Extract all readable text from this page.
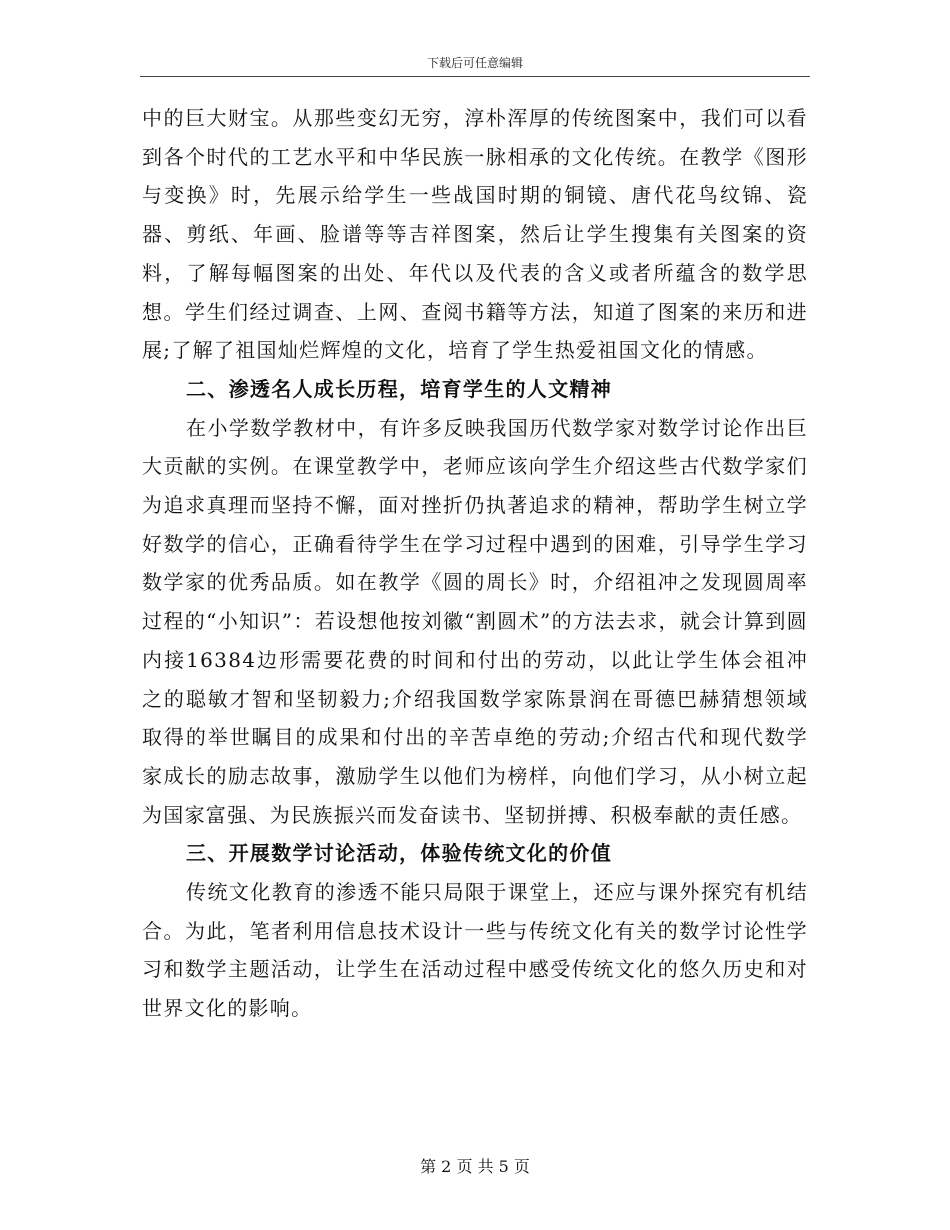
下载后可任意编辑

中的巨大财宝。从那些变幻无穷，淳朴浑厚的传统图案中，我们可以看到各个时代的工艺水平和中华民族一脉相承的文化传统。在教学《图形与变换》时，先展示给学生一些战国时期的铜镜、唐代花鸟纹锦、瓷器、剪纸、年画、脸谱等等吉祥图案，然后让学生搜集有关图案的资料，了解每幅图案的出处、年代以及代表的含义或者所蕴含的数学思想。学生们经过调查、上网、查阅书籍等方法，知道了图案的来历和进展;了解了祖国灿烂辉煌的文化，培育了学生热爱祖国文化的情感。

二、渗透名人成长历程，培育学生的人文精神

在小学数学教材中，有许多反映我国历代数学家对数学讨论作出巨大贡献的实例。在课堂教学中，老师应该向学生介绍这些古代数学家们为追求真理而坚持不懈，面对挫折仍执著追求的精神，帮助学生树立学好数学的信心，正确看待学生在学习过程中遇到的困难，引导学生学习数学家的优秀品质。如在教学《圆的周长》时，介绍祖冲之发现圆周率过程的“小知识”：若设想他按刘徽“割圆术”的方法去求，就会计算到圆内接16384边形需要花费的时间和付出的劳动，以此让学生体会祖冲之的聪敏才智和坚韧毅力;介绍我国数学家陈景润在哥德巴赫猜想领域取得的举世瞩目的成果和付出的辛苦卓绝的劳动;介绍古代和现代数学家成长的励志故事，激励学生以他们为榜样，向他们学习，从小树立起为国家富强、为民族振兴而发奋读书、坚韧拼搏、积极奉献的责任感。

三、开展数学讨论活动，体验传统文化的价值

传统文化教育的渗透不能只局限于课堂上，还应与课外探究有机结合。为此，笔者利用信息技术设计一些与传统文化有关的数学讨论性学习和数学主题活动，让学生在活动过程中感受传统文化的悠久历史和对世界文化的影响。

第 2 页 共 5 页
